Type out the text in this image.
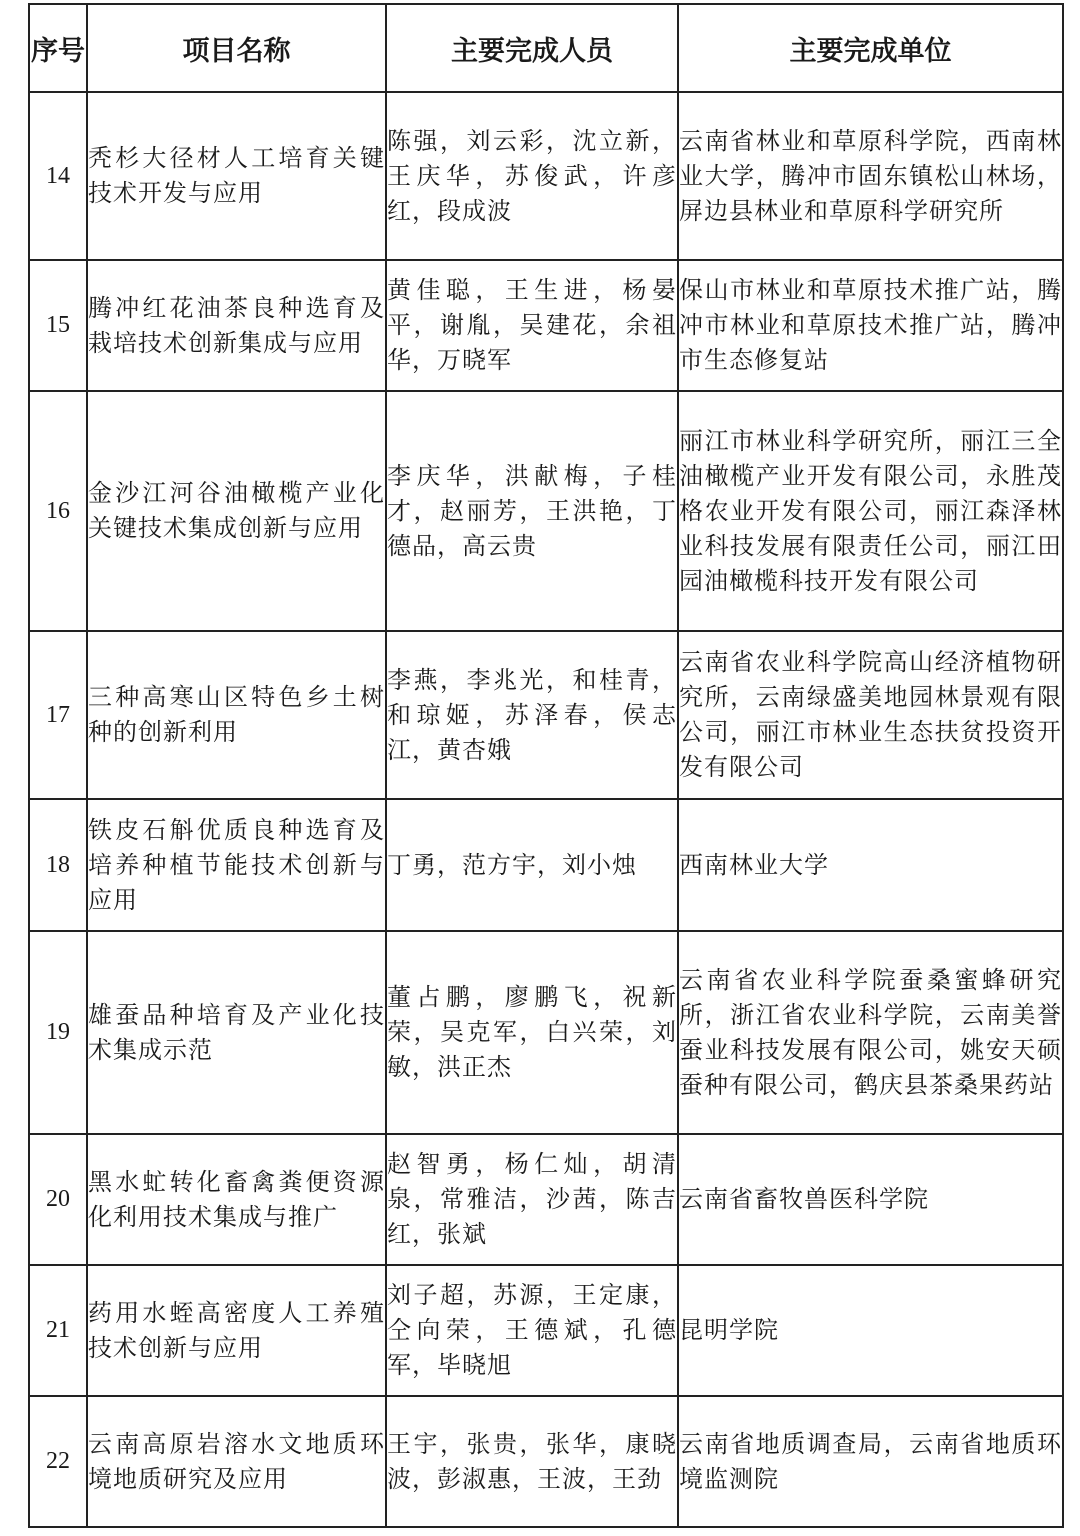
序号	项目名称	主要完成人员	主要完成单位
14	秃杉大径材人工培育关键技术开发与应用	陈强，刘云彩，沈立新，王庆华，苏俊武，许彦红，段成波	云南省林业和草原科学院，西南林业大学，腾冲市固东镇松山林场，屏边县林业和草原科学研究所
15	腾冲红花油茶良种选育及栽培技术创新集成与应用	黄佳聪，王生进，杨晏平，谢胤，吴建花，余祖华，万晓军	保山市林业和草原技术推广站，腾冲市林业和草原技术推广站，腾冲市生态修复站
16	金沙江河谷油橄榄产业化关键技术集成创新与应用	李庆华，洪献梅，子桂才，赵丽芳，王洪艳，丁德品，高云贵	丽江市林业科学研究所，丽江三全油橄榄产业开发有限公司，永胜茂格农业开发有限公司，丽江森泽林业科技发展有限责任公司，丽江田园油橄榄科技开发有限公司
17	三种高寒山区特色乡土树种的创新利用	李燕，李兆光，和桂青，和琼姬，苏泽春，侯志江，黄杏娥	云南省农业科学院高山经济植物研究所，云南绿盛美地园林景观有限公司，丽江市林业生态扶贫投资开发有限公司
18	铁皮石斛优质良种选育及培养种植节能技术创新与应用	丁勇，范方宇，刘小烛	西南林业大学
19	雄蚕品种培育及产业化技术集成示范	董占鹏，廖鹏飞，祝新荣，吴克军，白兴荣，刘敏，洪正杰	云南省农业科学院蚕桑蜜蜂研究所，浙江省农业科学院，云南美誉蚕业科技发展有限公司，姚安天硕蚕种有限公司，鹤庆县茶桑果药站
20	黑水虻转化畜禽粪便资源化利用技术集成与推广	赵智勇，杨仁灿，胡清泉，常雅洁，沙茜，陈吉红，张斌	云南省畜牧兽医科学院
21	药用水蛭高密度人工养殖技术创新与应用	刘子超，苏源，王定康，仝向荣，王德斌，孔德军，毕晓旭	昆明学院
22	云南高原岩溶水文地质环境地质研究及应用	王宇，张贵，张华，康晓波，彭淑惠，王波，王劲	云南省地质调查局，云南省地质环境监测院
